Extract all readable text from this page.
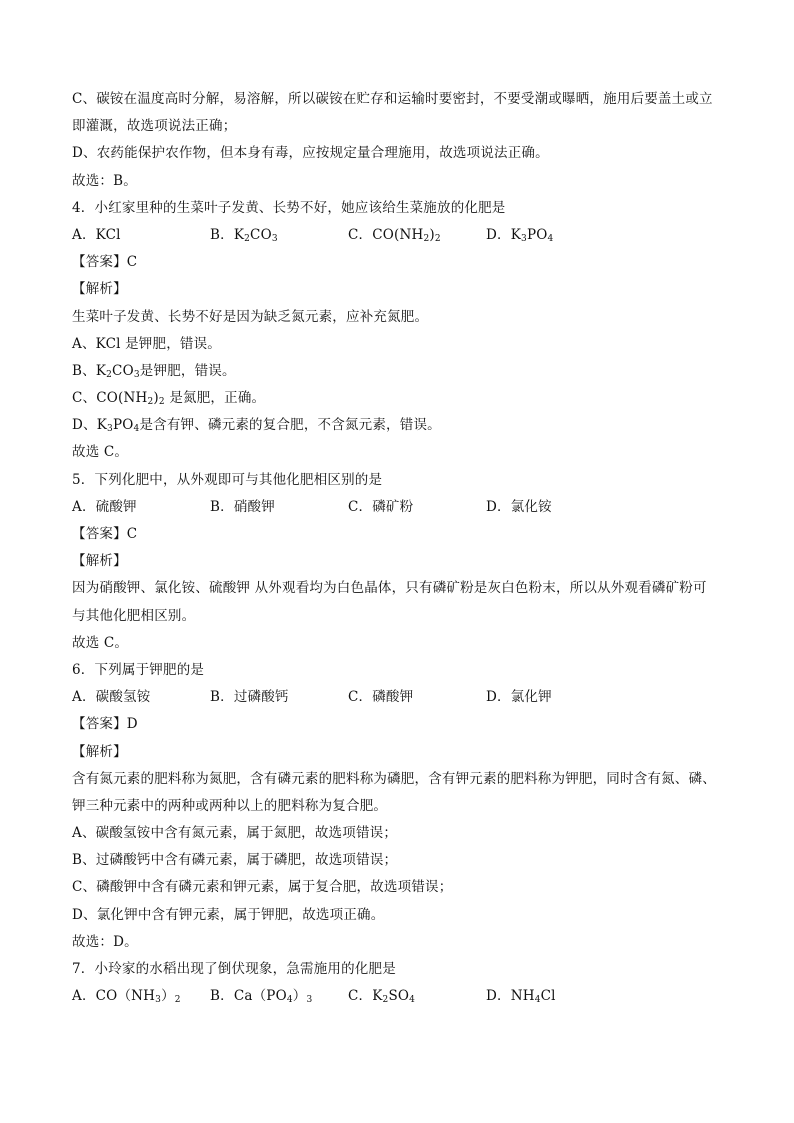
C、碳铵在温度高时分解，易溶解，所以碳铵在贮存和运输时要密封，不要受潮或曝晒，施用后要盖土或立
即灌溉，故选项说法正确；
D、农药能保护农作物，但本身有毒，应按规定量合理施用，故选项说法正确。
故选：B。
4．小红家里种的生菜叶子发黄、长势不好，她应该给生菜施放的化肥是
A．KCl	B．$K_2CO_3$	C．$CO(NH_2)_2$	D．$K_3PO_4$
【答案】C
【解析】
生菜叶子发黄、长势不好是因为缺乏氮元素，应补充氮肥。
A、KCl 是钾肥，错误。
B、$K_2CO_3$是钾肥，错误。
C、$CO(NH_2)_2$ 是氮肥，正确。
D、$K_3PO_4$是含有钾、磷元素的复合肥，不含氮元素，错误。
故选 C。
5．下列化肥中，从外观即可与其他化肥相区别的是
A．硫酸钾	B．硝酸钾	C．磷矿粉	D．氯化铵
【答案】C
【解析】
因为硝酸钾、氯化铵、硫酸钾 从外观看均为白色晶体，只有磷矿粉是灰白色粉末，所以从外观看磷矿粉可
与其他化肥相区别。
故选 C。
6．下列属于钾肥的是
A．碳酸氢铵	B．过磷酸钙	C．磷酸钾	D．氯化钾
【答案】D
【解析】
含有氮元素的肥料称为氮肥，含有磷元素的肥料称为磷肥，含有钾元素的肥料称为钾肥，同时含有氮、磷、
钾三种元素中的两种或两种以上的肥料称为复合肥。
A、碳酸氢铵中含有氮元素，属于氮肥，故选项错误；
B、过磷酸钙中含有磷元素，属于磷肥，故选项错误；
C、磷酸钾中含有磷元素和钾元素，属于复合肥，故选项错误；
D、氯化钾中含有钾元素，属于钾肥，故选项正确。
故选：D。
7．小玲家的水稻出现了倒伏现象，急需施用的化肥是
A．$CO(NH_3)_2$	B．$Ca(PO_4)_3$	C．$K_2SO_4$	D．$NH_4Cl$
